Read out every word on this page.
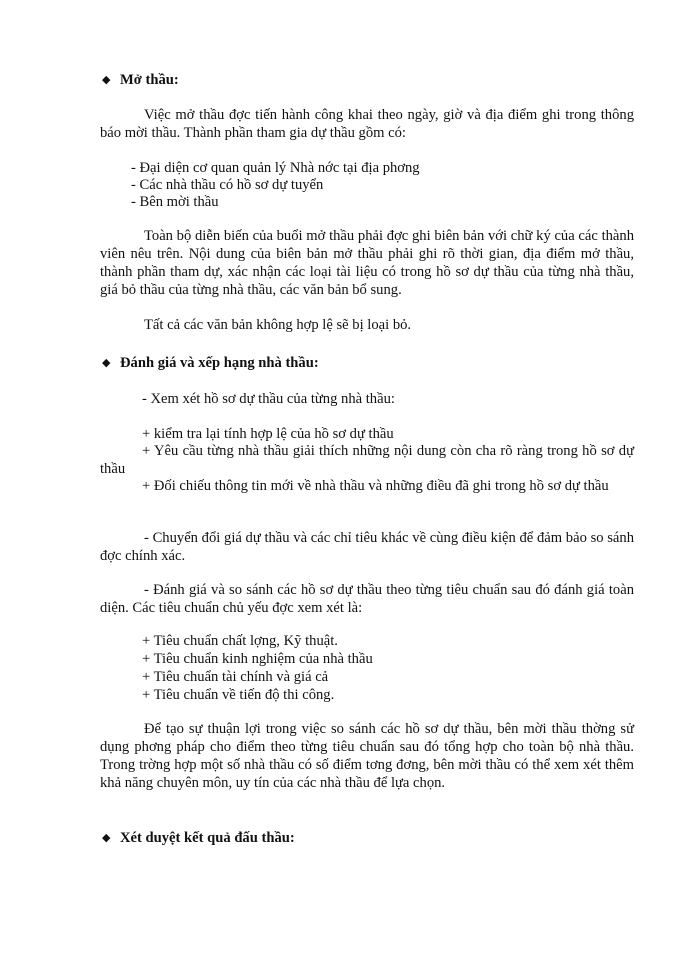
◆ Mở thầu:
Việc mở thầu đợc tiến hành công khai theo ngày, giờ và địa điểm ghi trong thông báo mời thầu. Thành phần tham gia dự thầu gồm có:
- Đại diện cơ quan quản lý Nhà nớc tại địa phơng
- Các nhà thầu có hồ sơ dự tuyển
- Bên mời thầu
Toàn bộ diễn biến của buổi mở thầu phải đợc ghi biên bản với chữ ký của các thành viên nêu trên. Nội dung của biên bản mở thầu phải ghi rõ thời gian, địa điểm mở thầu, thành phần tham dự, xác nhận các loại tài liệu có trong hồ sơ dự thầu của từng nhà thầu, giá bỏ thầu của từng nhà thầu, các văn bản bổ sung.
Tất cả các văn bản không hợp lệ sẽ bị loại bỏ.
◆ Đánh giá và xếp hạng nhà thầu:
- Xem xét hồ sơ dự thầu của từng nhà thầu:
+ kiểm tra lại tính hợp lệ của hồ sơ dự thầu
+ Yêu cầu từng nhà thầu giải thích những nội dung còn cha rõ ràng trong hồ sơ dự thầu
+ Đối chiếu thông tin mới về nhà thầu và những điều đã ghi trong hồ sơ dự thầu
- Chuyển đổi giá dự thầu và các chỉ tiêu khác về cùng điều kiện để đảm bảo so sánh đợc chính xác.
- Đánh giá và so sánh các hồ sơ dự thầu theo từng tiêu chuẩn sau đó đánh giá toàn diện. Các tiêu chuẩn chủ yếu đợc xem xét là:
+ Tiêu chuẩn chất lợng, Kỹ thuật.
+ Tiêu chuẩn kinh nghiệm của nhà thầu
+ Tiêu chuẩn tài chính và giá cả
+ Tiêu chuẩn về tiến độ thi công.
Để tạo sự thuận lợi trong việc so sánh các hồ sơ dự thầu, bên mời thầu thờng sử dụng phơng pháp cho điểm theo từng tiêu chuẩn sau đó tổng hợp cho toàn bộ nhà thầu. Trong trờng hợp một số nhà thầu có số điểm tơng đơng, bên mời thầu có thể xem xét thêm khả năng chuyên môn, uy tín của các nhà thầu để lựa chọn.
◆ Xét duyệt kết quả đấu thầu:
